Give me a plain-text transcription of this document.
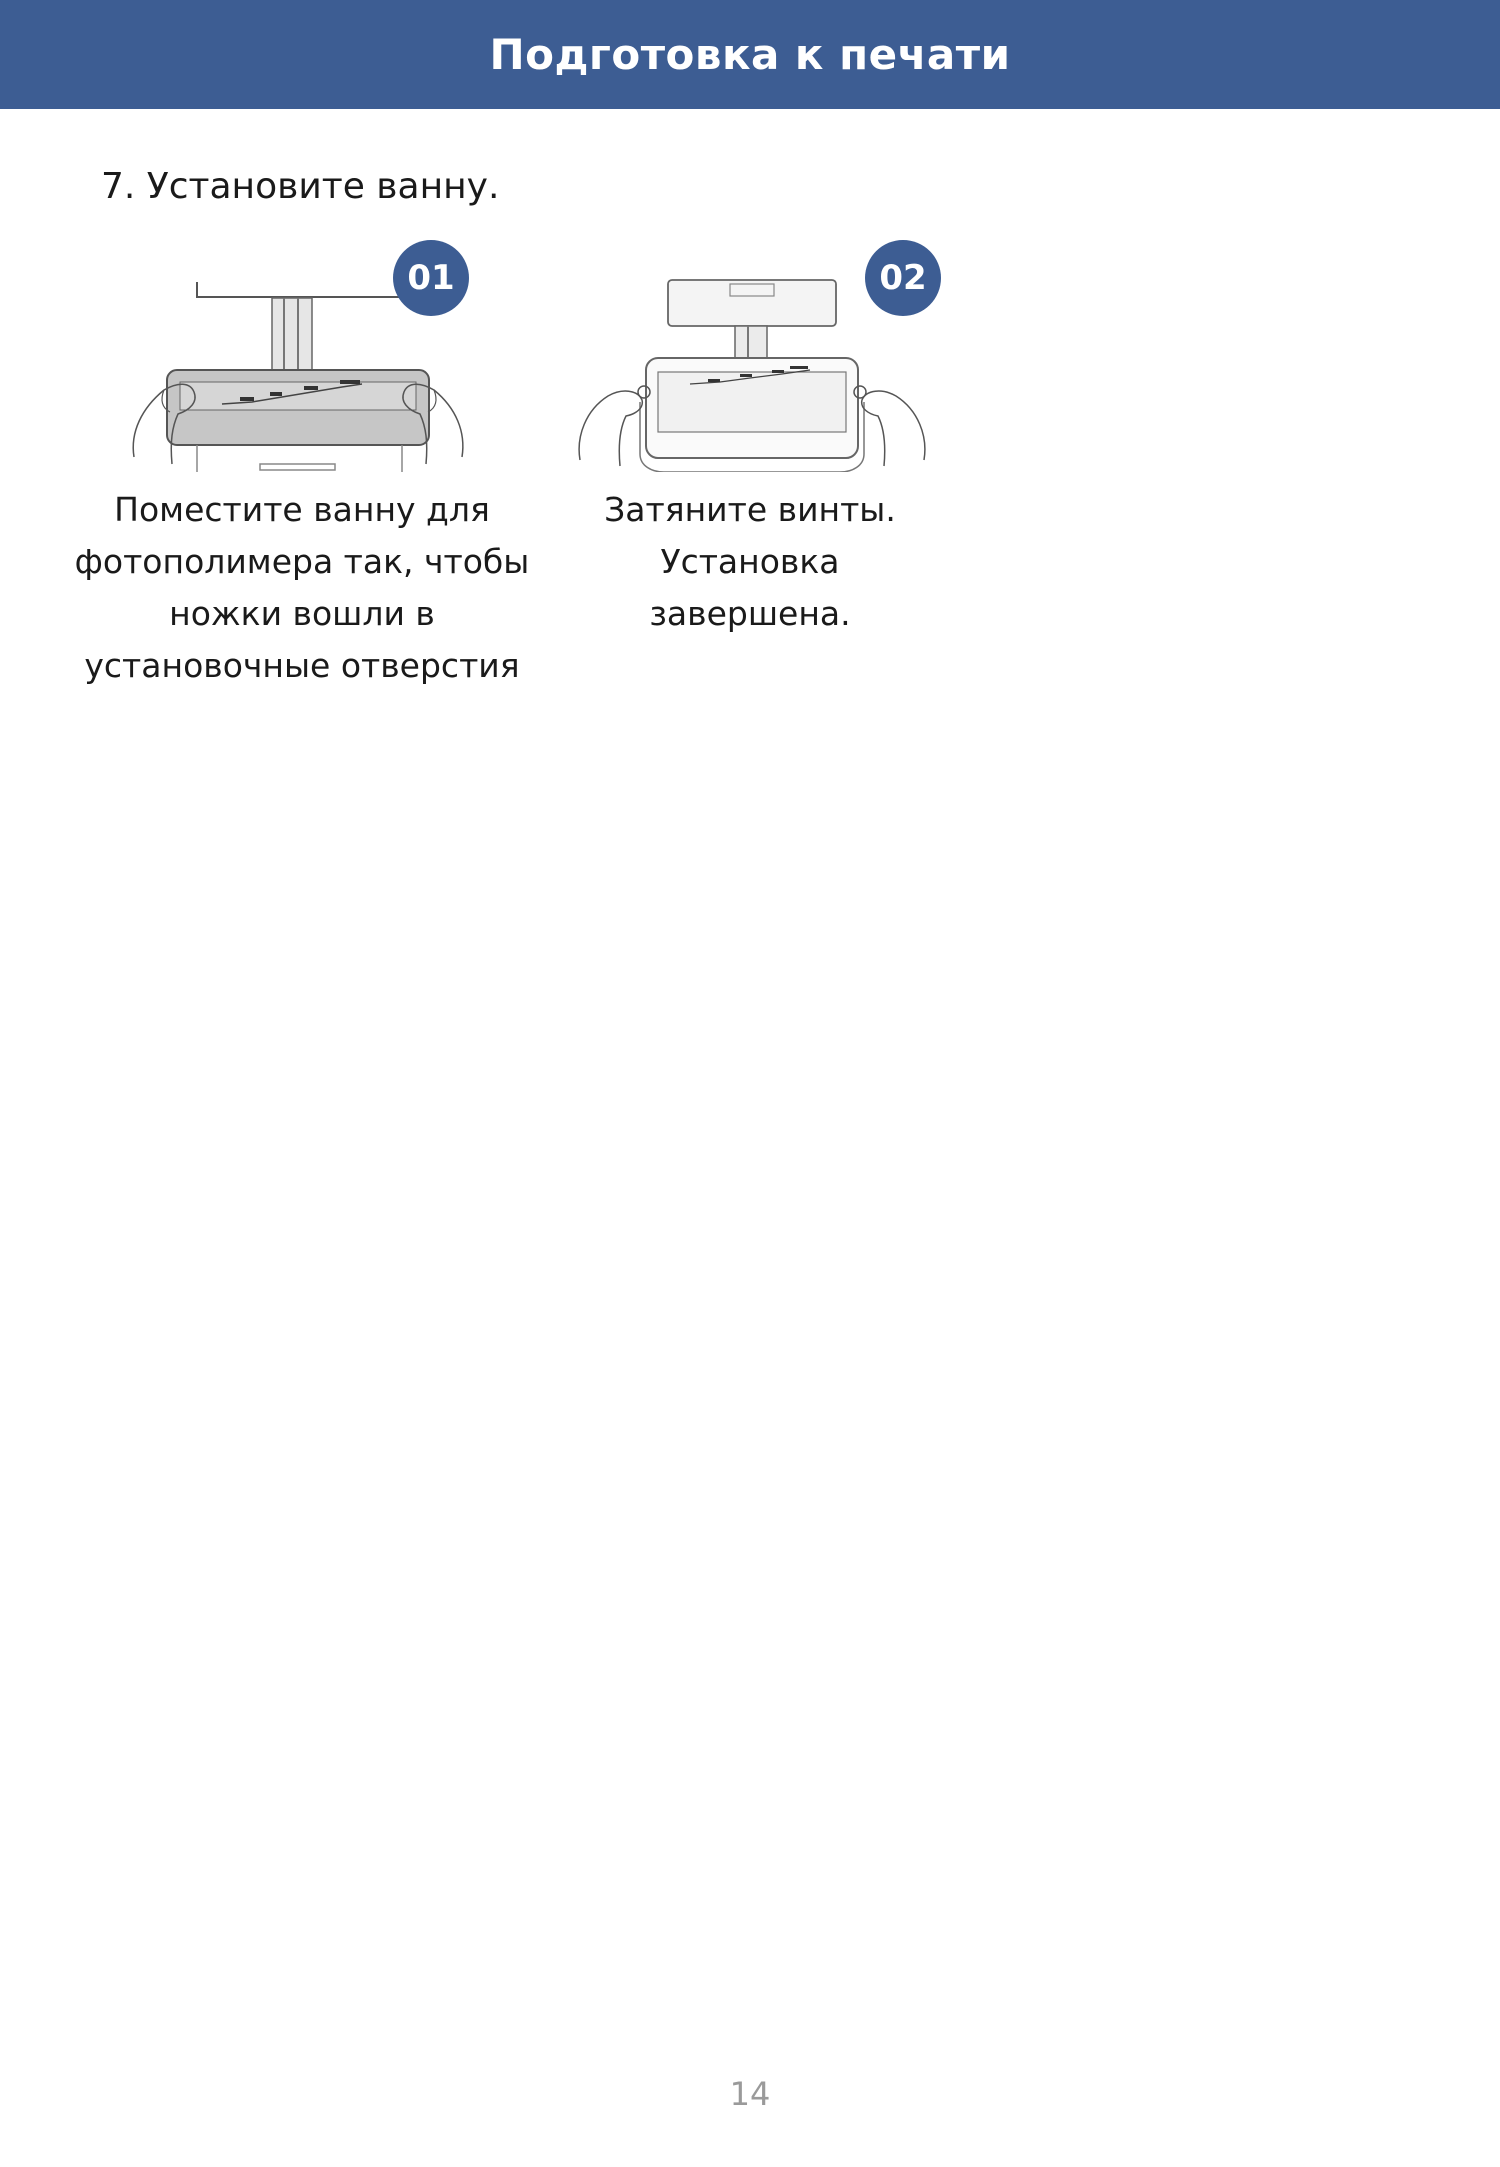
Подготовка к печати
7. Установите ванну.
01
Поместите ванну для
фотополимера так, чтобы
ножки вошли в
установочные отверстия
02
Затяните винты.
Установка
завершена.
14
